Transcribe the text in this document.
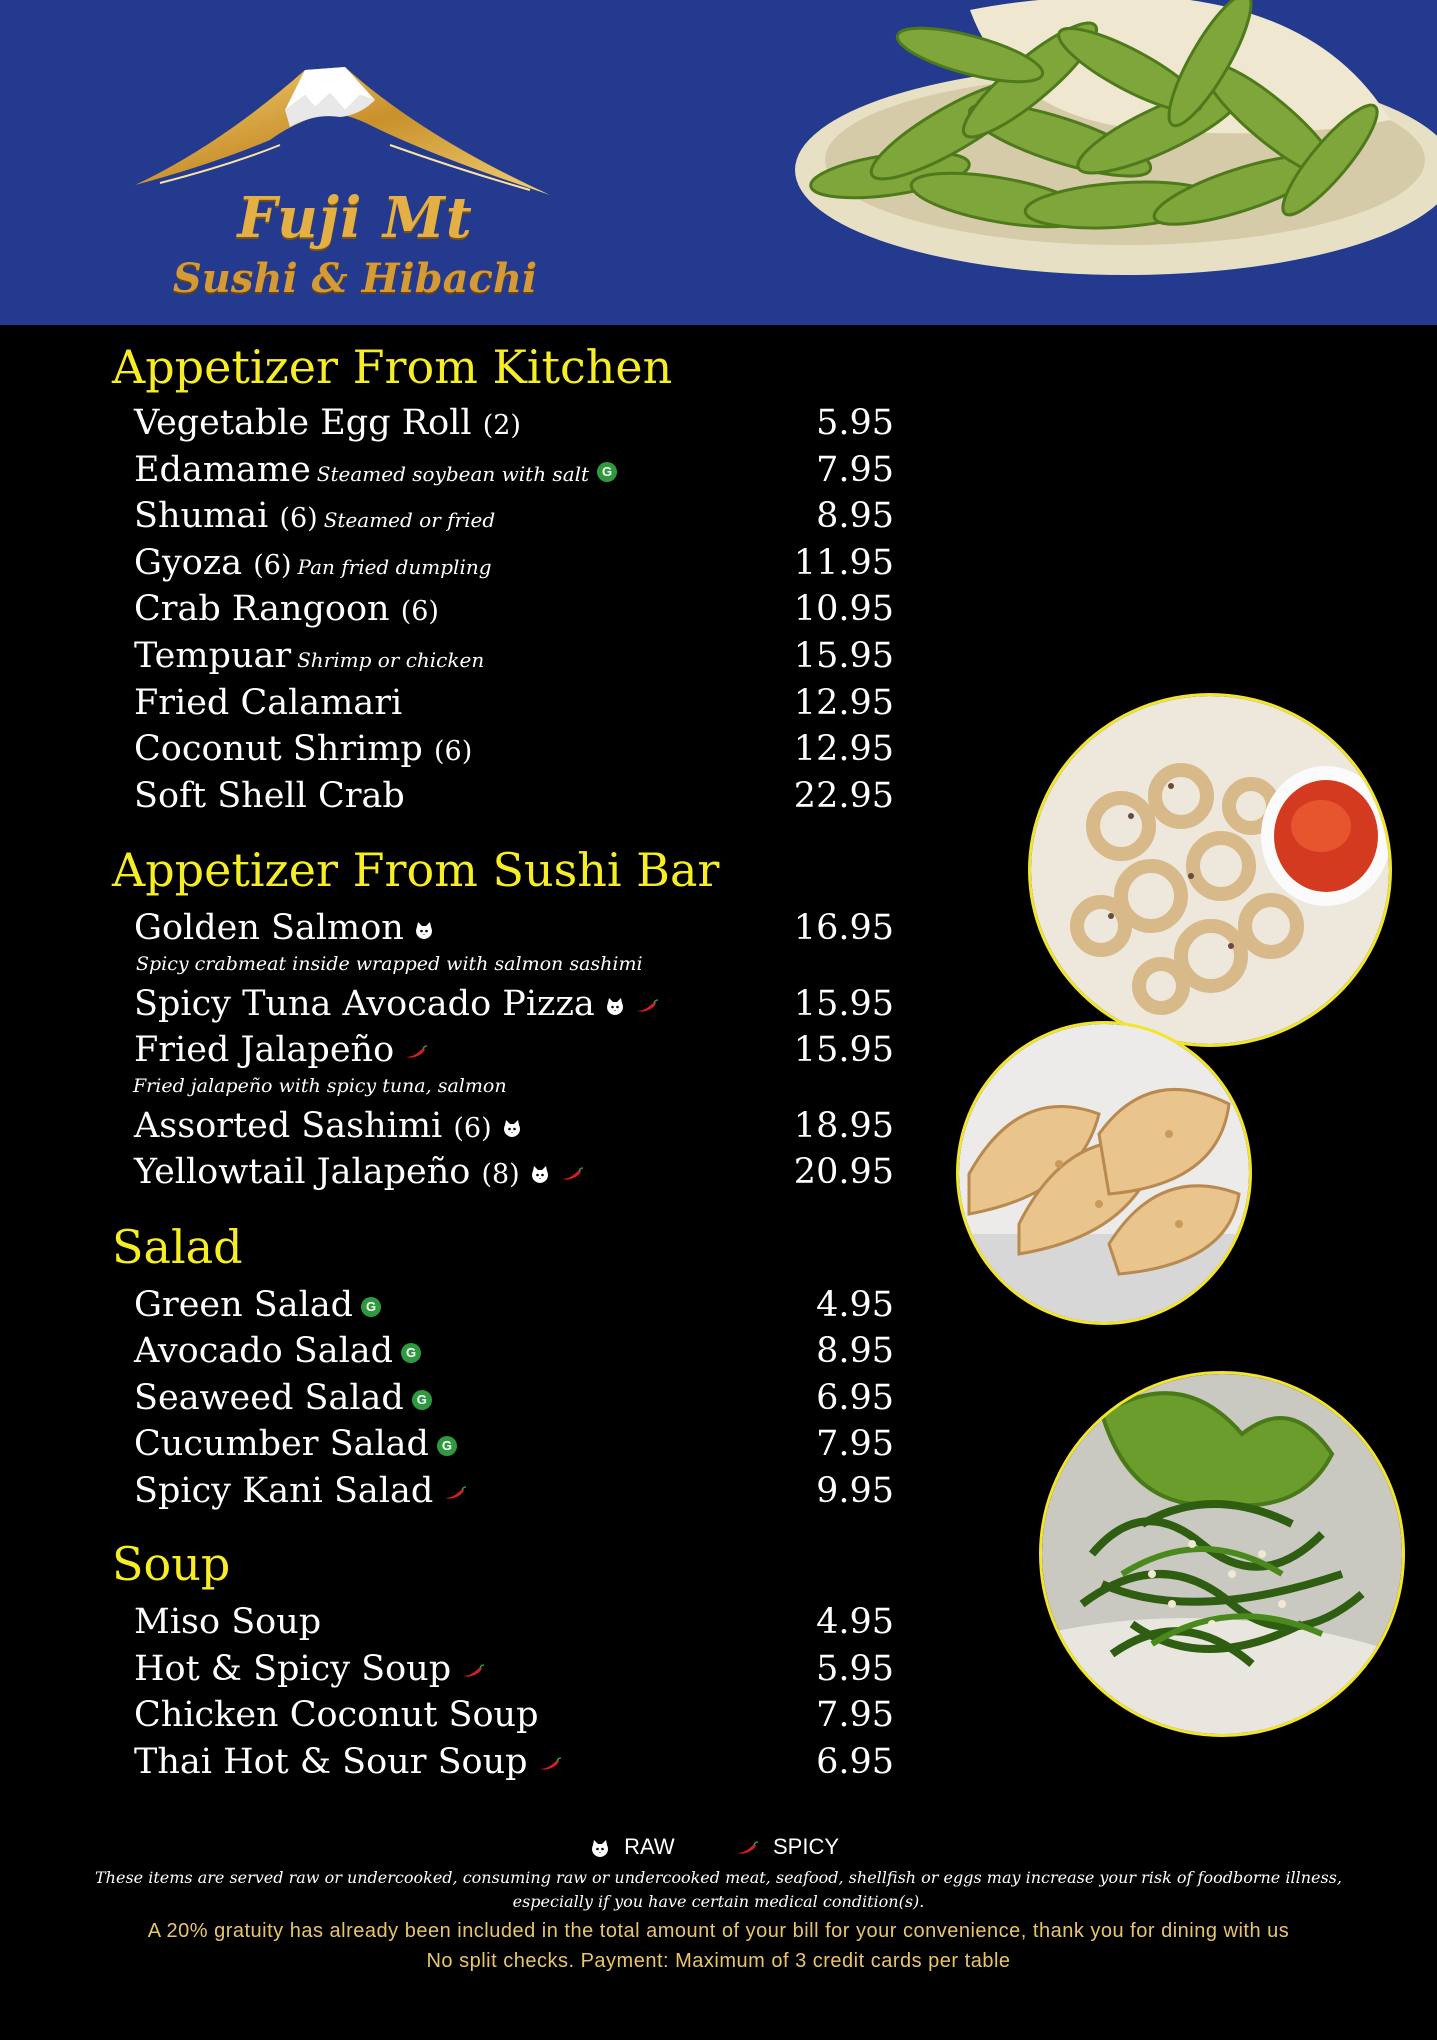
Fuji Mt
Sushi & Hibachi
Appetizer From Kitchen
Vegetable Egg Roll (2)	5.95
Edamame Steamed soybean with salt G	7.95
Shumai (6) Steamed or fried	8.95
Gyoza (6) Pan fried dumpling	11.95
Crab Rangoon (6)	10.95
Tempuar Shrimp or chicken	15.95
Fried Calamari	12.95
Coconut Shrimp (6)	12.95
Soft Shell Crab	22.95
Appetizer From Sushi Bar
Golden Salmon	16.95
Spicy crabmeat inside wrapped with salmon sashimi
Spicy Tuna Avocado Pizza	15.95
Fried Jalapeño	15.95
Fried jalapeño with spicy tuna, salmon
Assorted Sashimi (6)	18.95
Yellowtail Jalapeño (8)	20.95
Salad
Green Salad G	4.95
Avocado Salad G	8.95
Seaweed Salad G	6.95
Cucumber Salad G	7.95
Spicy Kani Salad	9.95
Soup
Miso Soup	4.95
Hot & Spicy Soup	5.95
Chicken Coconut Soup	7.95
Thai Hot & Sour Soup	6.95
RAW	SPICY
These items are served raw or undercooked, consuming raw or undercooked meat, seafood, shellfish or eggs may increase your risk of foodborne illness,
especially if you have certain medical condition(s).
A 20% gratuity has already been included in the total amount of your bill for your convenience, thank you for dining with us
No split checks. Payment: Maximum of 3 credit cards per table
